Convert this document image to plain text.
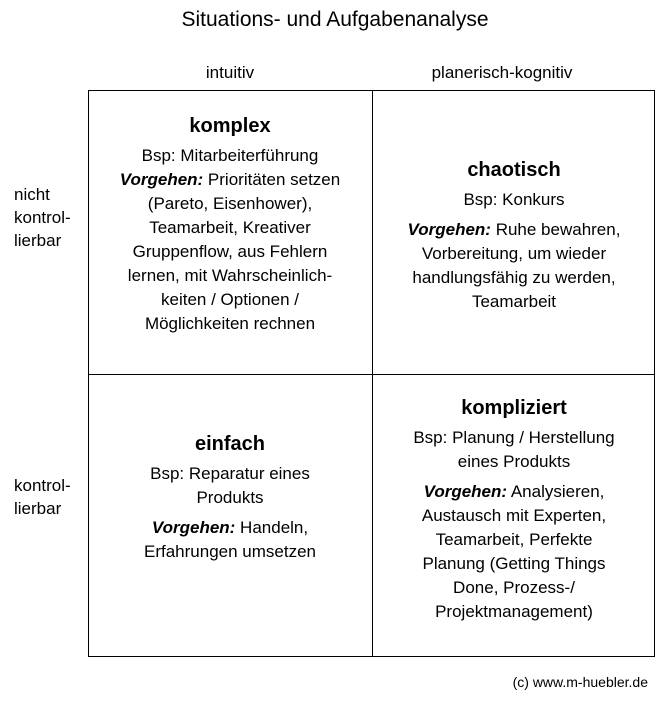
Situations- und Aufgabenanalyse
intuitiv	planerisch-kognitiv
nicht
kontrol-
lierbar
kontrol-
lierbar
komplex
Bsp: Mitarbeiterführung
Vorgehen: Prioritäten setzen
(Pareto, Eisenhower),
Teamarbeit, Kreativer
Gruppenflow, aus Fehlern
lernen, mit Wahrscheinlich-
keiten / Optionen /
Möglichkeiten rechnen
chaotisch
Bsp: Konkurs
Vorgehen: Ruhe bewahren,
Vorbereitung, um wieder
handlungsfähig zu werden,
Teamarbeit
einfach
Bsp: Reparatur eines
Produkts
Vorgehen: Handeln,
Erfahrungen umsetzen
kompliziert
Bsp: Planung / Herstellung
eines Produkts
Vorgehen: Analysieren,
Austausch mit Experten,
Teamarbeit, Perfekte
Planung (Getting Things
Done, Prozess-/
Projektmanagement)
(c) www.m-huebler.de
